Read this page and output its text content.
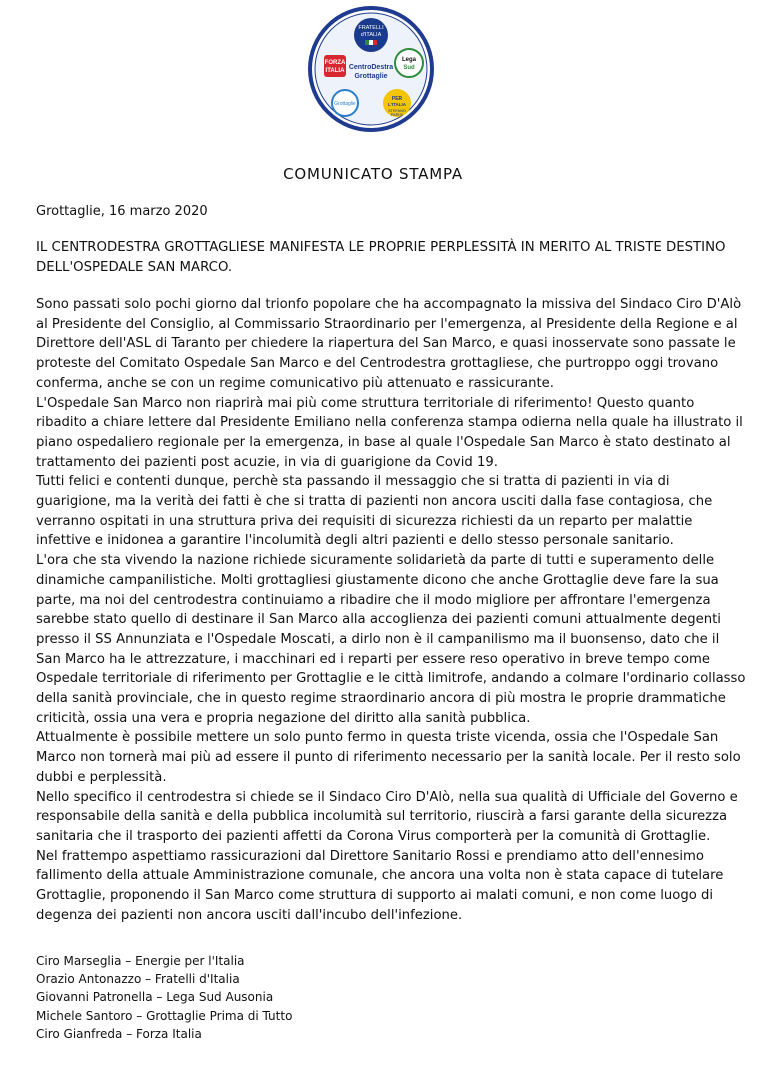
FRATELLI
d'ITALIA
FORZA
ITALIA
Lega
Sud
CentroDestra
Grottaglie
Grottaglie
PER
L'ITALIA
STEFANO
PARISI
COMUNICATO STAMPA
Grottaglie, 16 marzo 2020
IL CENTRODESTRA GROTTAGLIESE MANIFESTA LE PROPRIE PERPLESSITÀ IN MERITO AL TRISTE DESTINO DELL'OSPEDALE SAN MARCO.

Sono passati solo pochi giorno dal trionfo popolare che ha accompagnato la missiva del Sindaco Ciro D'Alò al Presidente del Consiglio, al Commissario Straordinario per l'emergenza, al Presidente della Regione e al Direttore dell'ASL di Taranto per chiedere la riapertura del San Marco, e quasi inosservate sono passate le proteste del Comitato Ospedale San Marco e del Centrodestra grottagliese, che purtroppo oggi trovano conferma, anche se con un regime comunicativo più attenuato e rassicurante.

L'Ospedale San Marco non riaprirà mai più come struttura territoriale di riferimento! Questo quanto ribadito a chiare lettere dal Presidente Emiliano nella conferenza stampa odierna nella quale ha illustrato il piano ospedaliero regionale per la emergenza, in base al quale l'Ospedale San Marco è stato destinato al trattamento dei pazienti post acuzie, in via di guarigione da Covid 19.

Tutti felici e contenti dunque, perchè sta passando il messaggio che si tratta di pazienti in via di guarigione, ma la verità dei fatti è che si tratta di pazienti non ancora usciti dalla fase contagiosa, che verranno ospitati in una struttura priva dei requisiti di sicurezza richiesti da un reparto per malattie infettive e inidonea a garantire l'incolumità degli altri pazienti e dello stesso personale sanitario.

L'ora che sta vivendo la nazione richiede sicuramente solidarietà da parte di tutti e superamento delle dinamiche campanilistiche. Molti grottagliesi giustamente dicono che anche Grottaglie deve fare la sua parte, ma noi del centrodestra continuiamo a ribadire che il modo migliore per affrontare l'emergenza sarebbe stato quello di destinare il San Marco alla accoglienza dei pazienti comuni attualmente degenti presso il SS Annunziata e l'Ospedale Moscati, a dirlo non è il campanilismo ma il buonsenso, dato che il San Marco ha le attrezzature, i macchinari ed i reparti per essere reso operativo in breve tempo come Ospedale territoriale di riferimento per Grottaglie e le città limitrofe, andando a colmare l'ordinario collasso della sanità provinciale, che in questo regime straordinario ancora di più mostra le proprie drammatiche criticità, ossia una vera e propria negazione del diritto alla sanità pubblica.

Attualmente è possibile mettere un solo punto fermo in questa triste vicenda, ossia che l'Ospedale San Marco non tornerà mai più ad essere il punto di riferimento necessario per la sanità locale. Per il resto solo dubbi e perplessità.

Nello specifico il centrodestra si chiede se il Sindaco Ciro D'Alò, nella sua qualità di Ufficiale del Governo e responsabile della sanità e della pubblica incolumità sul territorio, riuscirà a farsi garante della sicurezza sanitaria che il trasporto dei pazienti affetti da Corona Virus comporterà per la comunità di Grottaglie.

Nel frattempo aspettiamo rassicurazioni dal Direttore Sanitario Rossi e prendiamo atto dell'ennesimo fallimento della attuale Amministrazione comunale, che ancora una volta non è stata capace di tutelare Grottaglie, proponendo il San Marco come struttura di supporto ai malati comuni, e non come luogo di degenza dei pazienti non ancora usciti dall'incubo dell'infezione.

Ciro Marseglia – Energie per l'Italia
Orazio Antonazzo – Fratelli d'Italia
Giovanni Patronella – Lega Sud Ausonia
Michele Santoro – Grottaglie Prima di Tutto
Ciro Gianfreda – Forza Italia
